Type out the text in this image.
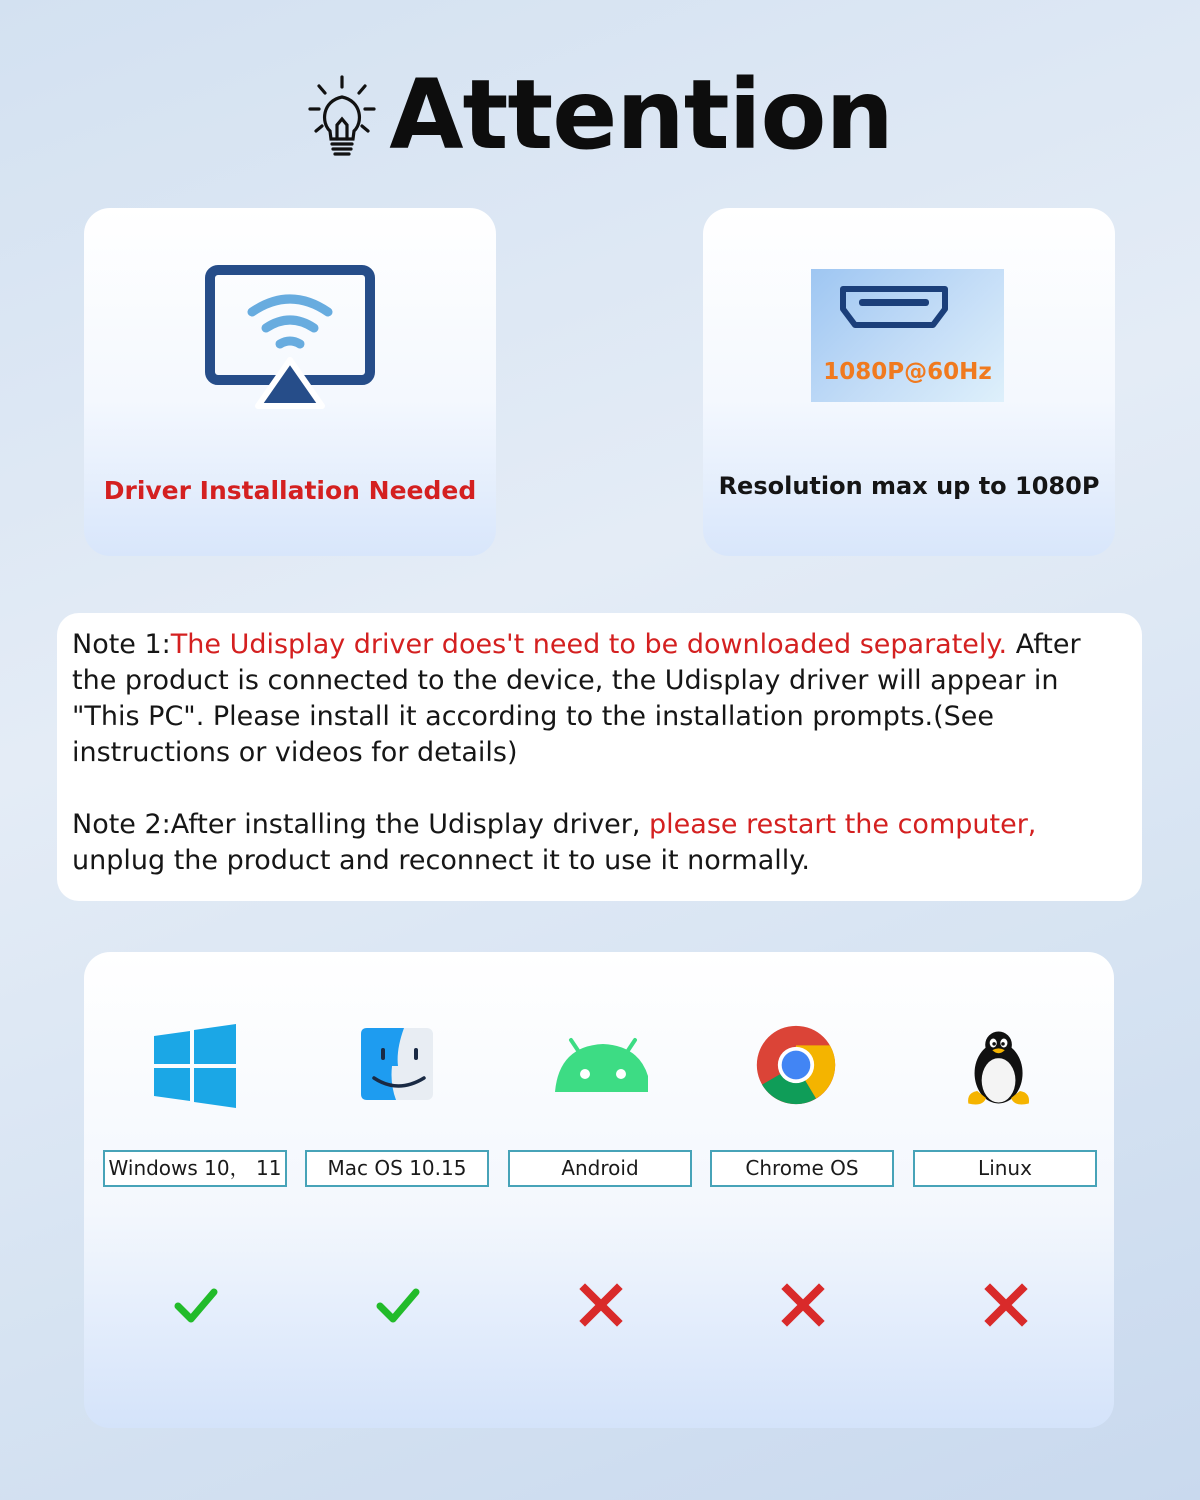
Attention
Driver Installation Needed
1080P@60Hz
Resolution max up to 1080P

Note 1:The Udisplay driver does't need to be downloaded separately. After the product is connected to the device, the Udisplay driver will appear in "This PC". Please install it according to the installation prompts.(See instructions or videos for details)

Note 2:After installing the Udisplay driver, please restart the computer, unplug the product and reconnect it to use it normally.

Windows 10， 11	Mac OS 10.15	Android	Chrome OS	Linux
